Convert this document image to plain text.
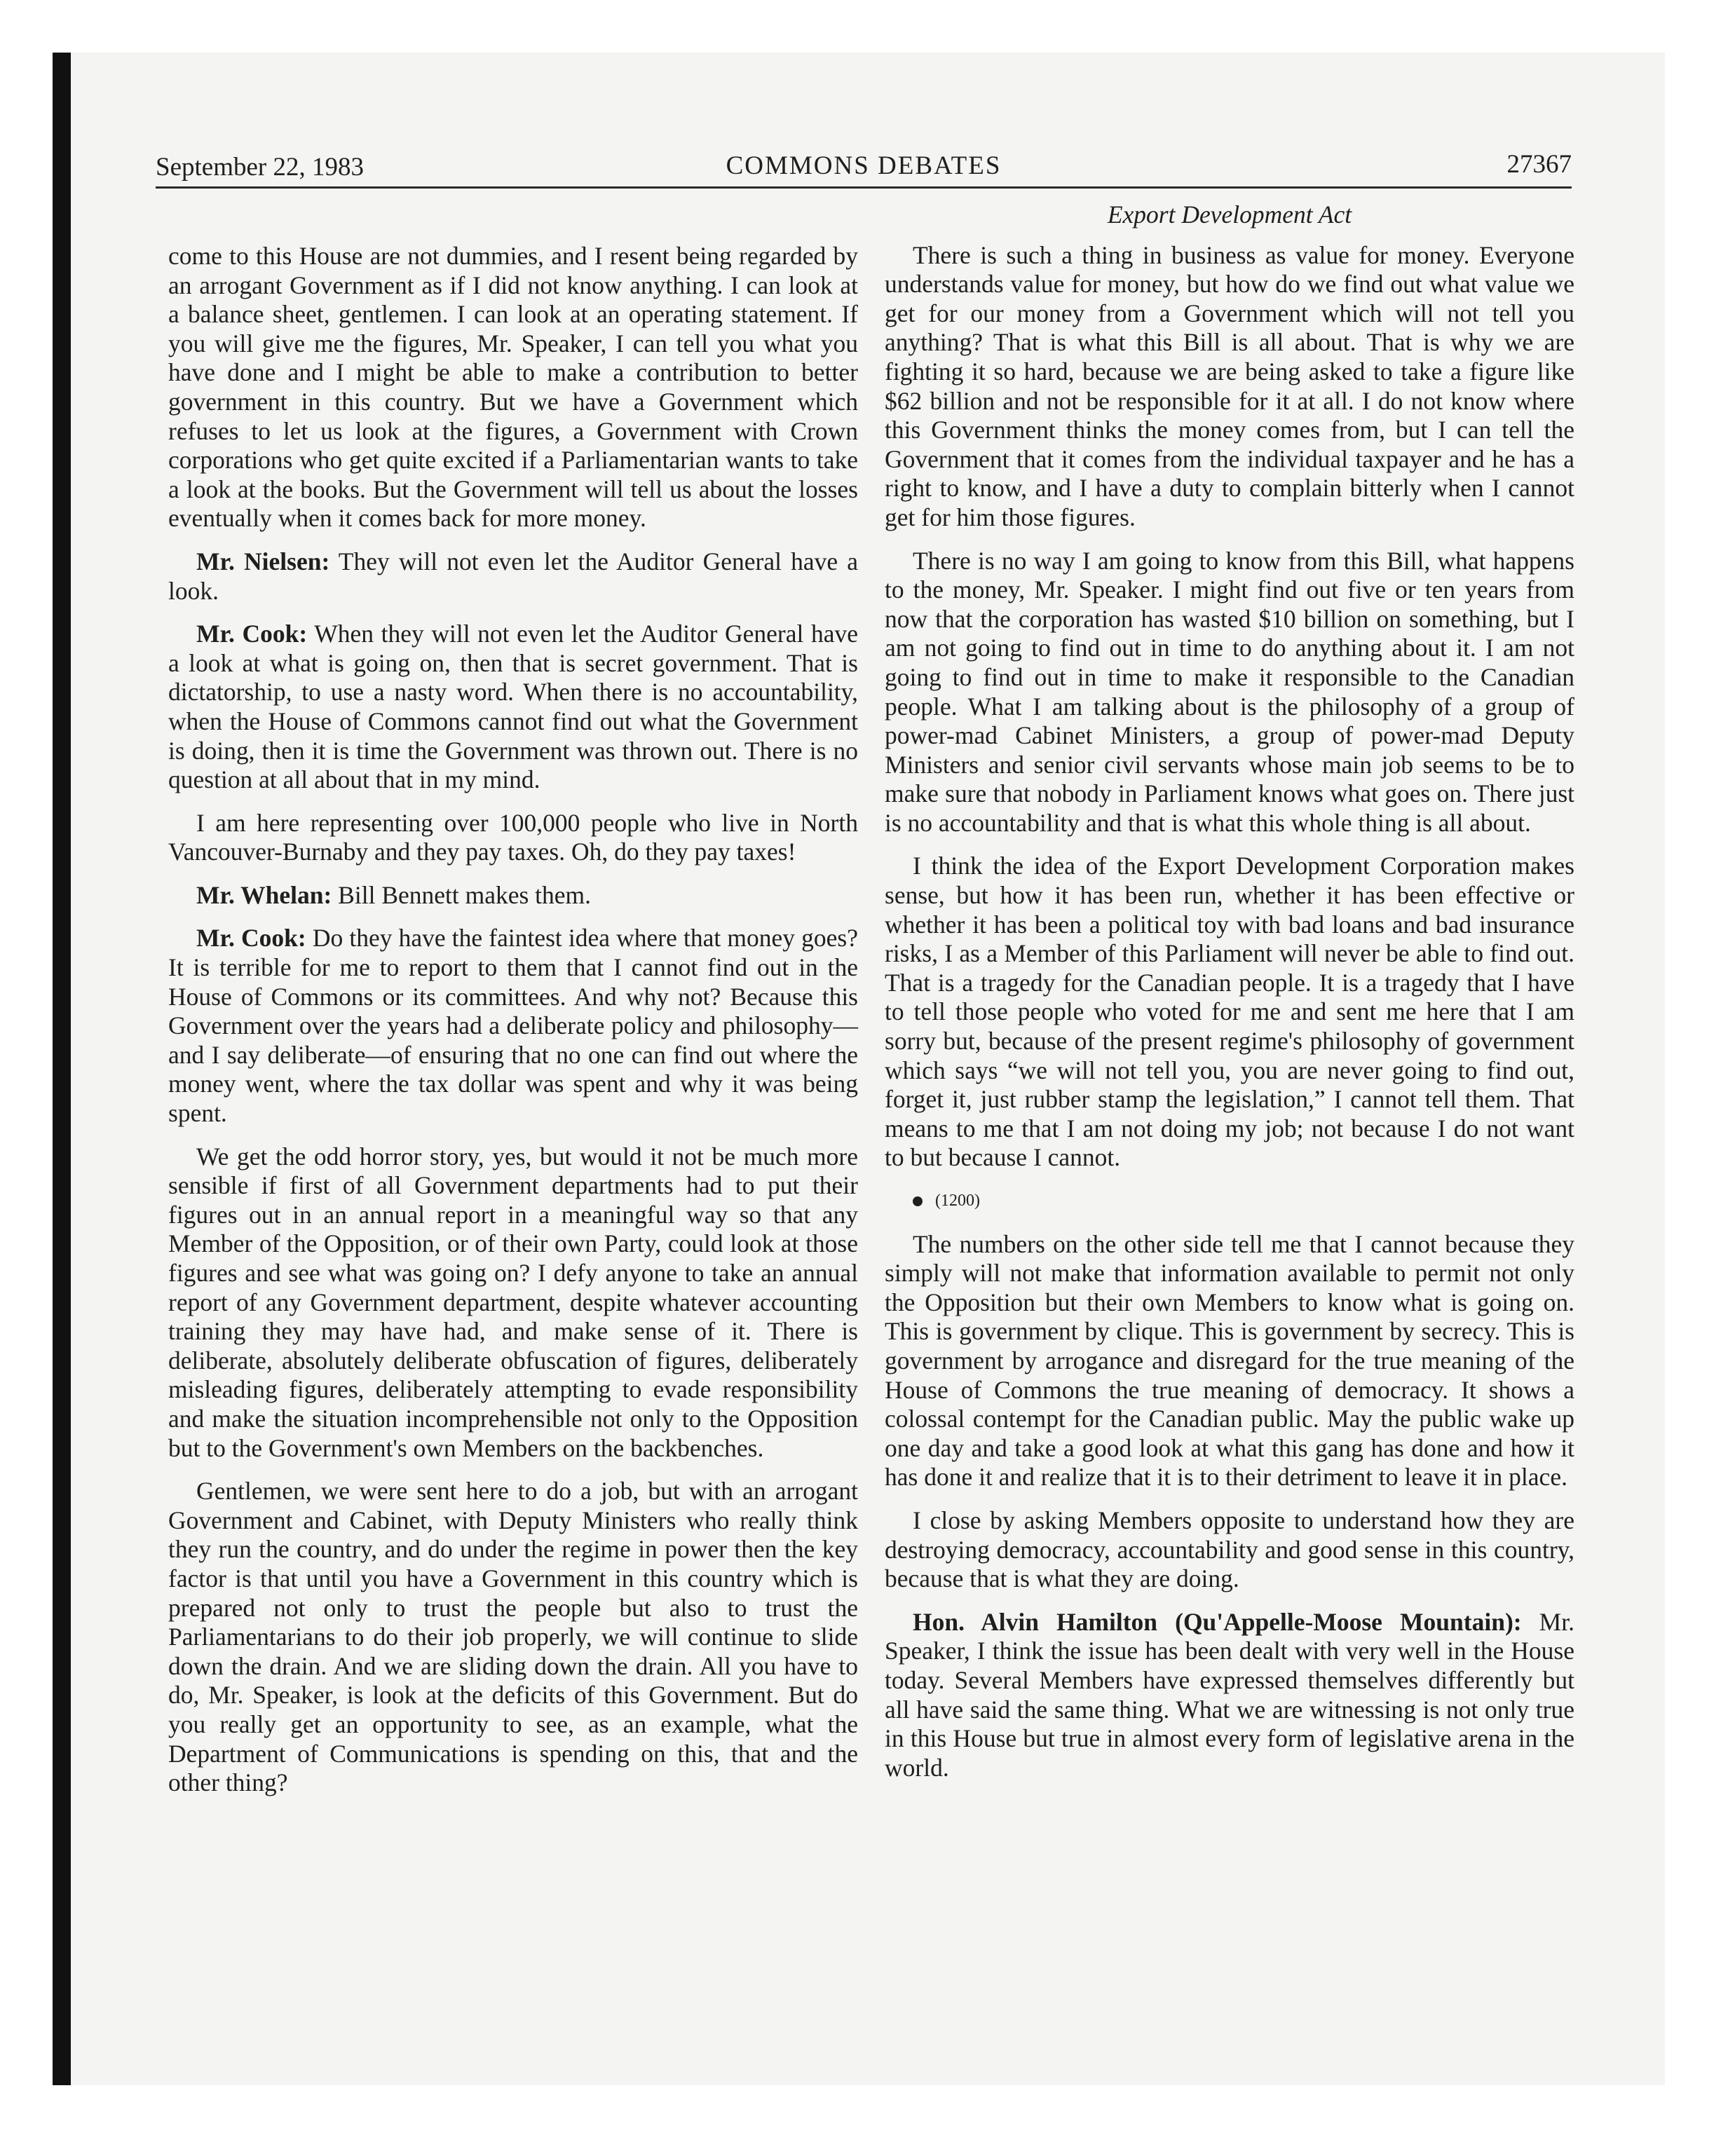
September 22, 1983	COMMONS DEBATES	27367

come to this House are not dummies, and I resent being regarded by an arrogant Government as if I did not know anything. I can look at a balance sheet, gentlemen. I can look at an operating statement. If you will give me the figures, Mr. Speaker, I can tell you what you have done and I might be able to make a contribution to better government in this country. But we have a Government which refuses to let us look at the figures, a Government with Crown corporations who get quite excited if a Parliamentarian wants to take a look at the books. But the Government will tell us about the losses eventually when it comes back for more money.

Mr. Nielsen: They will not even let the Auditor General have a look.

Mr. Cook: When they will not even let the Auditor General have a look at what is going on, then that is secret government. That is dictatorship, to use a nasty word. When there is no accountability, when the House of Commons cannot find out what the Government is doing, then it is time the Government was thrown out. There is no question at all about that in my mind.

I am here representing over 100,000 people who live in North Vancouver-Burnaby and they pay taxes. Oh, do they pay taxes!

Mr. Whelan: Bill Bennett makes them.

Mr. Cook: Do they have the faintest idea where that money goes? It is terrible for me to report to them that I cannot find out in the House of Commons or its committees. And why not? Because this Government over the years had a deliberate policy and philosophy—and I say deliberate—of ensuring that no one can find out where the money went, where the tax dollar was spent and why it was being spent.

We get the odd horror story, yes, but would it not be much more sensible if first of all Government departments had to put their figures out in an annual report in a meaningful way so that any Member of the Opposition, or of their own Party, could look at those figures and see what was going on? I defy anyone to take an annual report of any Government department, despite whatever accounting training they may have had, and make sense of it. There is deliberate, absolutely deliberate obfuscation of figures, deliberately misleading figures, deliberately attempting to evade responsibility and make the situation incomprehensible not only to the Opposition but to the Government's own Members on the backbenches.

Gentlemen, we were sent here to do a job, but with an arrogant Government and Cabinet, with Deputy Ministers who really think they run the country, and do under the regime in power then the key factor is that until you have a Government in this country which is prepared not only to trust the people but also to trust the Parliamentarians to do their job properly, we will continue to slide down the drain. And we are sliding down the drain. All you have to do, Mr. Speaker, is look at the deficits of this Government. But do you really get an opportunity to see, as an example, what the Department of Communications is spending on this, that and the other thing?

Export Development Act

There is such a thing in business as value for money. Everyone understands value for money, but how do we find out what value we get for our money from a Government which will not tell you anything? That is what this Bill is all about. That is why we are fighting it so hard, because we are being asked to take a figure like $62 billion and not be responsible for it at all. I do not know where this Government thinks the money comes from, but I can tell the Government that it comes from the individual taxpayer and he has a right to know, and I have a duty to complain bitterly when I cannot get for him those figures.

There is no way I am going to know from this Bill, what happens to the money, Mr. Speaker. I might find out five or ten years from now that the corporation has wasted $10 billion on something, but I am not going to find out in time to do anything about it. I am not going to find out in time to make it responsible to the Canadian people. What I am talking about is the philosophy of a group of power-mad Cabinet Ministers, a group of power-mad Deputy Ministers and senior civil servants whose main job seems to be to make sure that nobody in Parliament knows what goes on. There just is no accountability and that is what this whole thing is all about.

I think the idea of the Export Development Corporation makes sense, but how it has been run, whether it has been effective or whether it has been a political toy with bad loans and bad insurance risks, I as a Member of this Parliament will never be able to find out. That is a tragedy for the Canadian people. It is a tragedy that I have to tell those people who voted for me and sent me here that I am sorry but, because of the present regime's philosophy of government which says “we will not tell you, you are never going to find out, forget it, just rubber stamp the legislation,” I cannot tell them. That means to me that I am not doing my job; not because I do not want to but because I cannot.

(1200)

The numbers on the other side tell me that I cannot because they simply will not make that information available to permit not only the Opposition but their own Members to know what is going on. This is government by clique. This is government by secrecy. This is government by arrogance and disregard for the true meaning of the House of Commons the true meaning of democracy. It shows a colossal contempt for the Canadian public. May the public wake up one day and take a good look at what this gang has done and how it has done it and realize that it is to their detriment to leave it in place.

I close by asking Members opposite to understand how they are destroying democracy, accountability and good sense in this country, because that is what they are doing.

Hon. Alvin Hamilton (Qu'Appelle-Moose Mountain): Mr. Speaker, I think the issue has been dealt with very well in the House today. Several Members have expressed themselves differently but all have said the same thing. What we are witnessing is not only true in this House but true in almost every form of legislative arena in the world.
